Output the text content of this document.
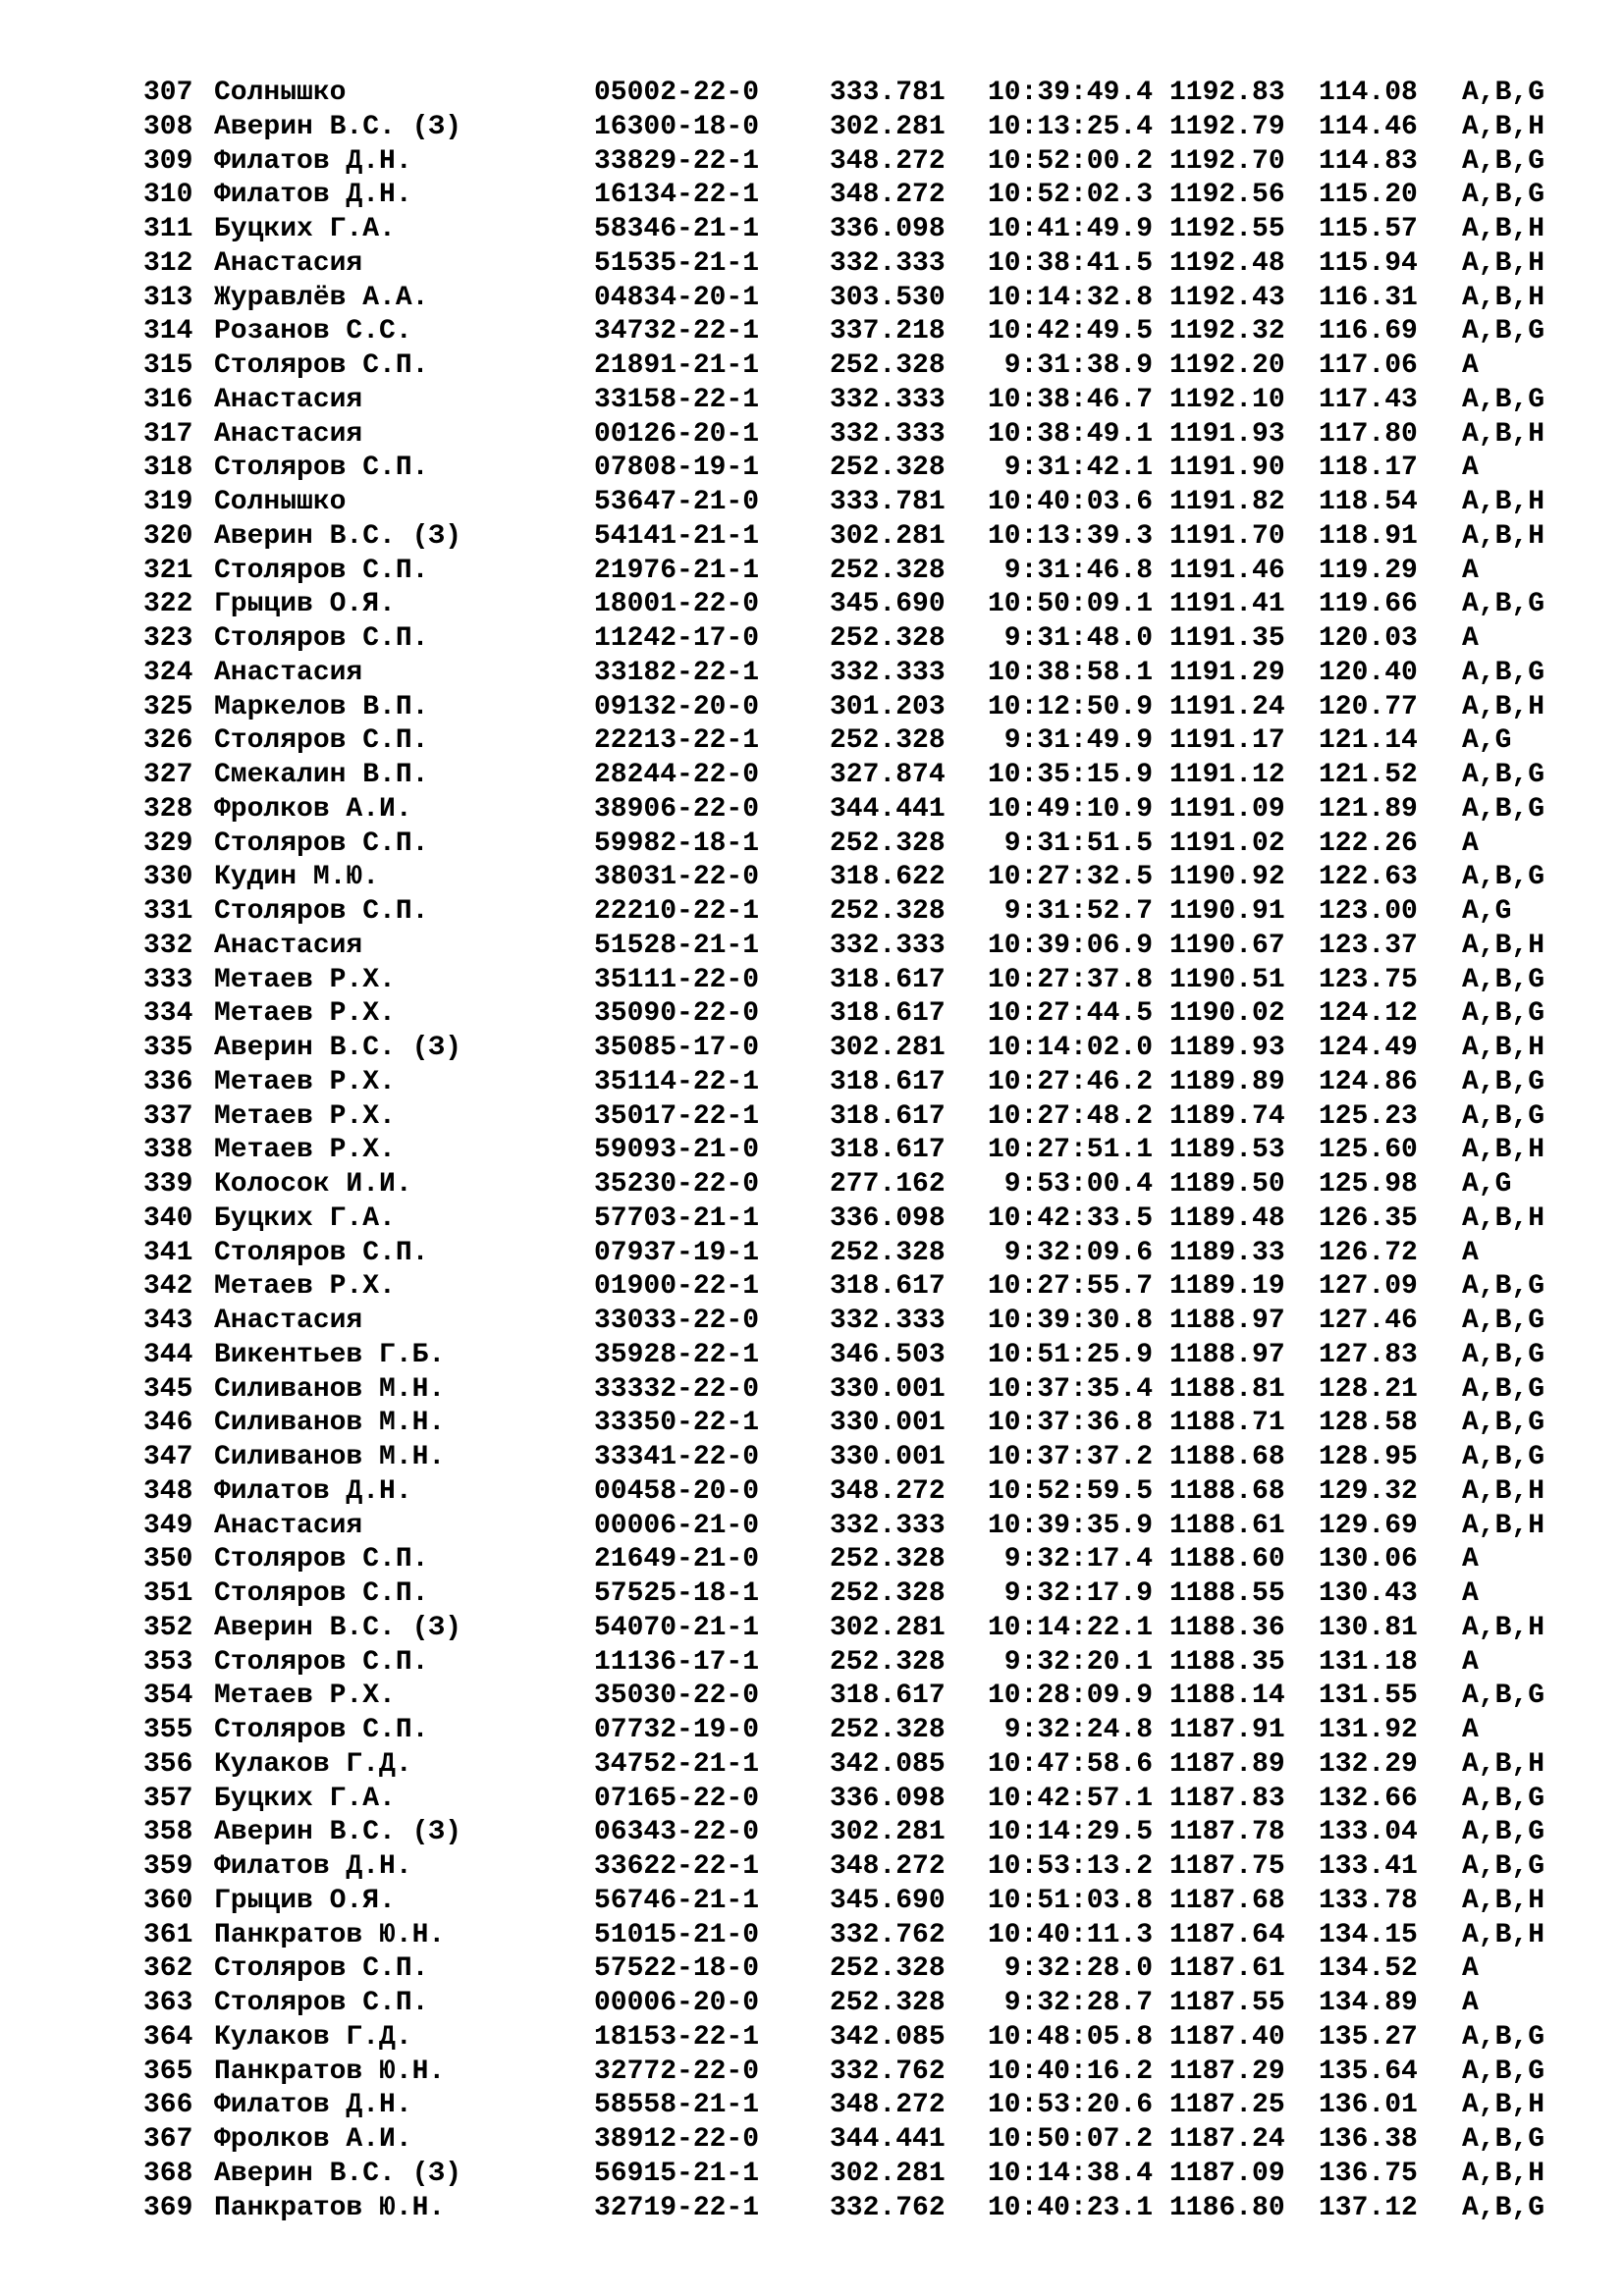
307 Солнышко	05002-22-0	333.781	10:39:49.4 1192.83 114.08 A,B,G
308 Аверин В.С. (З)	16300-18-0	302.281	10:13:25.4 1192.79 114.46 A,B,H
309 Филатов Д.Н.	33829-22-1	348.272	10:52:00.2 1192.70 114.83 A,B,G
310 Филатов Д.Н.	16134-22-1	348.272	10:52:02.3 1192.56 115.20 A,B,G
311 Буцких Г.А.	58346-21-1	336.098	10:41:49.9 1192.55 115.57 A,B,H
312 Анастасия	51535-21-1	332.333	10:38:41.5 1192.48 115.94 A,B,H
313 Журавлёв А.А.	04834-20-1	303.530	10:14:32.8 1192.43 116.31 A,B,H
314 Розанов С.С.	34732-22-1	337.218	10:42:49.5 1192.32 116.69 A,B,G
315 Столяров С.П.	21891-21-1	252.328	9:31:38.9 1192.20 117.06 A
316 Анастасия	33158-22-1	332.333	10:38:46.7 1192.10 117.43 A,B,G
317 Анастасия	00126-20-1	332.333	10:38:49.1 1191.93 117.80 A,B,H
318 Столяров С.П.	07808-19-1	252.328	9:31:42.1 1191.90 118.17 A
319 Солнышко	53647-21-0	333.781	10:40:03.6 1191.82 118.54 A,B,H
320 Аверин В.С. (З)	54141-21-1	302.281	10:13:39.3 1191.70 118.91 A,B,H
321 Столяров С.П.	21976-21-1	252.328	9:31:46.8 1191.46 119.29 A
322 Грыцив О.Я.	18001-22-0	345.690	10:50:09.1 1191.41 119.66 A,B,G
323 Столяров С.П.	11242-17-0	252.328	9:31:48.0 1191.35 120.03 A
324 Анастасия	33182-22-1	332.333	10:38:58.1 1191.29 120.40 A,B,G
325 Маркелов В.П.	09132-20-0	301.203	10:12:50.9 1191.24 120.77 A,B,H
326 Столяров С.П.	22213-22-1	252.328	9:31:49.9 1191.17 121.14 A,G
327 Смекалин В.П.	28244-22-0	327.874	10:35:15.9 1191.12 121.52 A,B,G
328 Фролков А.И.	38906-22-0	344.441	10:49:10.9 1191.09 121.89 A,B,G
329 Столяров С.П.	59982-18-1	252.328	9:31:51.5 1191.02 122.26 A
330 Кудин М.Ю.	38031-22-0	318.622	10:27:32.5 1190.92 122.63 A,B,G
331 Столяров С.П.	22210-22-1	252.328	9:31:52.7 1190.91 123.00 A,G
332 Анастасия	51528-21-1	332.333	10:39:06.9 1190.67 123.37 A,B,H
333 Метаев Р.Х.	35111-22-0	318.617	10:27:37.8 1190.51 123.75 A,B,G
334 Метаев Р.Х.	35090-22-0	318.617	10:27:44.5 1190.02 124.12 A,B,G
335 Аверин В.С. (З)	35085-17-0	302.281	10:14:02.0 1189.93 124.49 A,B,H
336 Метаев Р.Х.	35114-22-1	318.617	10:27:46.2 1189.89 124.86 A,B,G
337 Метаев Р.Х.	35017-22-1	318.617	10:27:48.2 1189.74 125.23 A,B,G
338 Метаев Р.Х.	59093-21-0	318.617	10:27:51.1 1189.53 125.60 A,B,H
339 Колосок И.И.	35230-22-0	277.162	9:53:00.4 1189.50 125.98 A,G
340 Буцких Г.А.	57703-21-1	336.098	10:42:33.5 1189.48 126.35 A,B,H
341 Столяров С.П.	07937-19-1	252.328	9:32:09.6 1189.33 126.72 A
342 Метаев Р.Х.	01900-22-1	318.617	10:27:55.7 1189.19 127.09 A,B,G
343 Анастасия	33033-22-0	332.333	10:39:30.8 1188.97 127.46 A,B,G
344 Викентьев Г.Б.	35928-22-1	346.503	10:51:25.9 1188.97 127.83 A,B,G
345 Силиванов М.Н.	33332-22-0	330.001	10:37:35.4 1188.81 128.21 A,B,G
346 Силиванов М.Н.	33350-22-1	330.001	10:37:36.8 1188.71 128.58 A,B,G
347 Силиванов М.Н.	33341-22-0	330.001	10:37:37.2 1188.68 128.95 A,B,G
348 Филатов Д.Н.	00458-20-0	348.272	10:52:59.5 1188.68 129.32 A,B,H
349 Анастасия	00006-21-0	332.333	10:39:35.9 1188.61 129.69 A,B,H
350 Столяров С.П.	21649-21-0	252.328	9:32:17.4 1188.60 130.06 A
351 Столяров С.П.	57525-18-1	252.328	9:32:17.9 1188.55 130.43 A
352 Аверин В.С. (З)	54070-21-1	302.281	10:14:22.1 1188.36 130.81 A,B,H
353 Столяров С.П.	11136-17-1	252.328	9:32:20.1 1188.35 131.18 A
354 Метаев Р.Х.	35030-22-0	318.617	10:28:09.9 1188.14 131.55 A,B,G
355 Столяров С.П.	07732-19-0	252.328	9:32:24.8 1187.91 131.92 A
356 Кулаков Г.Д.	34752-21-1	342.085	10:47:58.6 1187.89 132.29 A,B,H
357 Буцких Г.А.	07165-22-0	336.098	10:42:57.1 1187.83 132.66 A,B,G
358 Аверин В.С. (З)	06343-22-0	302.281	10:14:29.5 1187.78 133.04 A,B,G
359 Филатов Д.Н.	33622-22-1	348.272	10:53:13.2 1187.75 133.41 A,B,G
360 Грыцив О.Я.	56746-21-1	345.690	10:51:03.8 1187.68 133.78 A,B,H
361 Панкратов Ю.Н.	51015-21-0	332.762	10:40:11.3 1187.64 134.15 A,B,H
362 Столяров С.П.	57522-18-0	252.328	9:32:28.0 1187.61 134.52 A
363 Столяров С.П.	00006-20-0	252.328	9:32:28.7 1187.55 134.89 A
364 Кулаков Г.Д.	18153-22-1	342.085	10:48:05.8 1187.40 135.27 A,B,G
365 Панкратов Ю.Н.	32772-22-0	332.762	10:40:16.2 1187.29 135.64 A,B,G
366 Филатов Д.Н.	58558-21-1	348.272	10:53:20.6 1187.25 136.01 A,B,H
367 Фролков А.И.	38912-22-0	344.441	10:50:07.2 1187.24 136.38 A,B,G
368 Аверин В.С. (З)	56915-21-1	302.281	10:14:38.4 1187.09 136.75 A,B,H
369 Панкратов Ю.Н.	32719-22-1	332.762	10:40:23.1 1186.80 137.12 A,B,G
